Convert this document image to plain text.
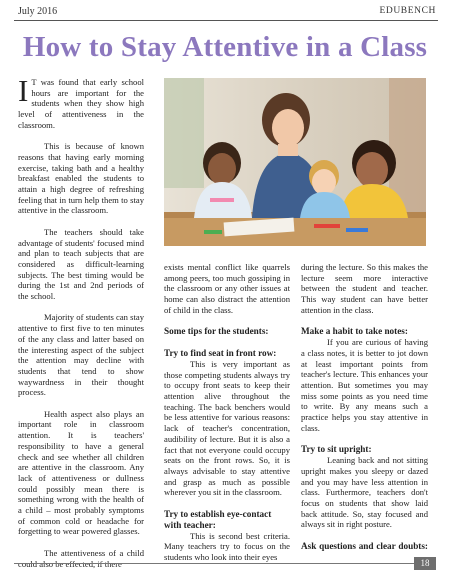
July 2016	EDUBENCH
How to Stay Attentive in a Class

I T was found that early school hours are important for the students when they show high level of attentiveness in the classroom.

This is because of known reasons that having early morning exercise, taking bath and a healthy breakfast enabled the students to attain a high degree of refreshing feeling that in turn help them to stay attentive in the classroom.

The teachers should take advantage of students' focused mind and plan to teach subjects that are considered as difficult-learning subjects. The best timing would be during the 1st and 2nd periods of the school.

Majority of students can stay attentive to first five to ten minutes of the any class and latter based on the interesting aspect of the subject the attention may decline with students that tend to show waywardness in their thought process.

Health aspect also plays an important role in classroom attention. It is teachers' responsibility to have a general check and see whether all children are attentive in the classroom. Any lack of attentiveness or dullness could possibly mean there is something wrong with the health of a child – most probably symptoms of common cold or headache for forgetting to wear powered glasses.

The attentiveness of a child could also be effected, if there

exists mental conflict like quarrels among peers, too much gossiping in the classroom or any other issues at home can also distract the attention of child in the class.

Some tips for the students:
Try to find seat in front row:

This is very important as those competing students always try to occupy front seats to keep their attention alive throughout the teaching. The back benchers would be less attentive for various reasons: lack of teacher's concentration, audibility of lecture. But it is also a fact that not everyone could occupy seats on the front rows. So, it is always advisable to stay attentive and grasp as much as possible wherever you sit in the classroom.

Try to establish eye-contact with teacher:

This is second best criteria. Many teachers try to focus on the students who look into their eyes

during the lecture. So this makes the lecture seem more interactive between the student and teacher. This way student can have better attention in the class.

Make a habit to take notes:

If you are curious of having a class notes, it is better to jot down at least important points from teacher's lecture. This enhances your attention. But sometimes you may miss some points as you need time to write. By any means such a practice helps you stay attentive in class.

Try to sit upright:

Leaning back and not sitting upright makes you sleepy or dazed and you may have less attention in class. Furthermore, teachers don't focus on students that show laid back attitude. So, stay focused and always sit in right posture.

Ask questions and clear doubts:
18
